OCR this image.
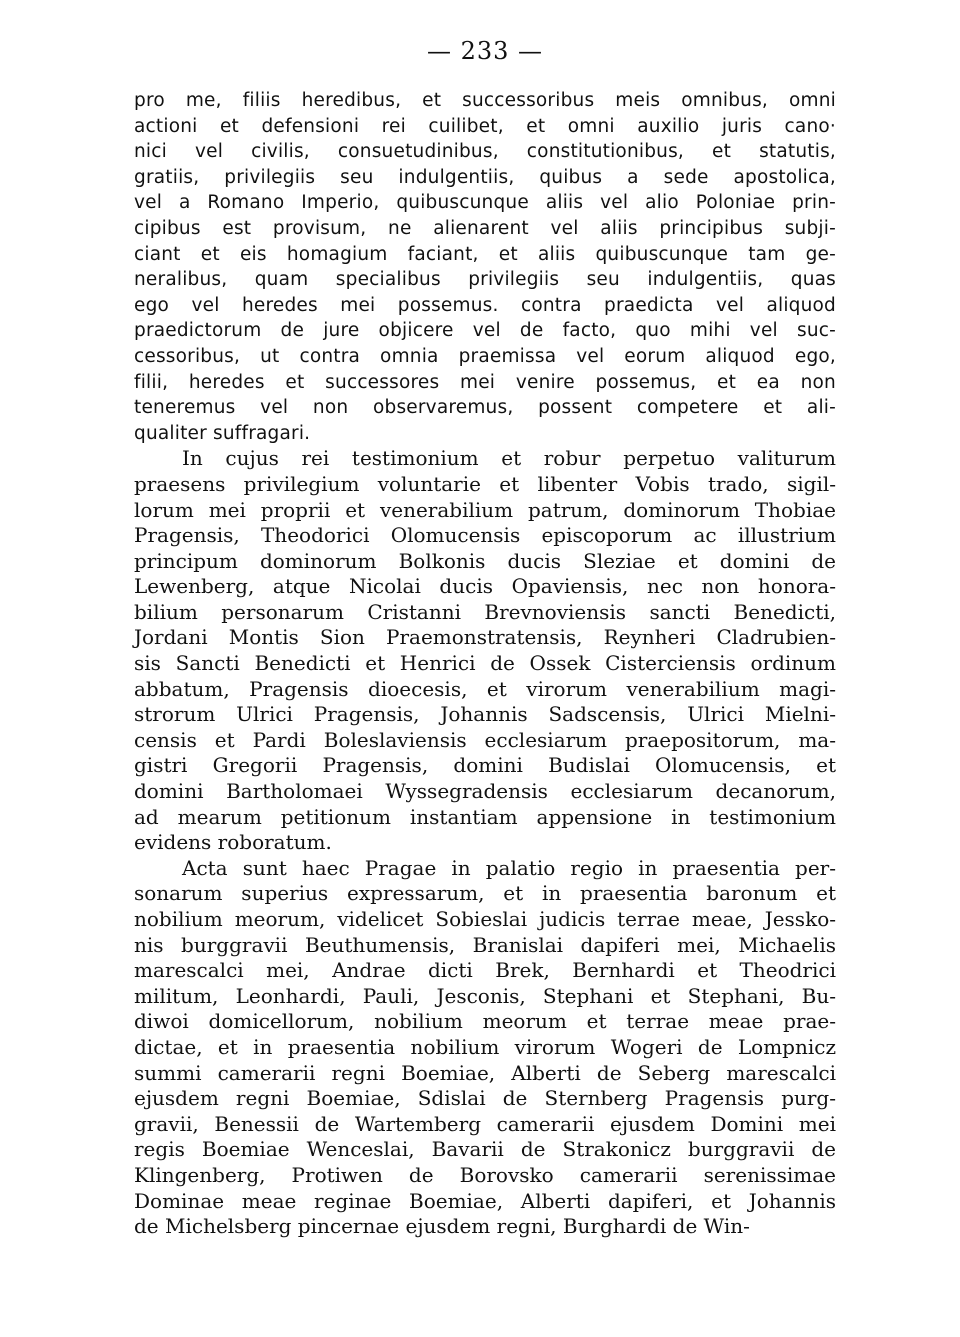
— 233 —
pro me, filiis heredibus, et successoribus meis omnibus, omni
actioni et defensioni rei cuilibet, et omni auxilio juris cano·
nici vel civilis, consuetudinibus, constitutionibus, et statutis,
gratiis, privilegiis seu indulgentiis, quibus a sede apostolica,
vel a Romano Imperio, quibuscunque aliis vel alio Poloniae prin-
cipibus est provisum, ne alienarent vel aliis principibus subji-
ciant et eis homagium faciant, et aliis quibuscunque tam ge-
neralibus, quam specialibus privilegiis seu indulgentiis, quas
ego vel heredes mei possemus. contra praedicta vel aliquod
praedictorum de jure objicere vel de facto, quo mihi vel suc-
cessoribus, ut contra omnia praemissa vel eorum aliquod ego,
filii, heredes et successores mei venire possemus, et ea non
teneremus vel non observaremus, possent competere et ali-
qualiter suffragari.
In cujus rei testimonium et robur perpetuo valiturum
praesens privilegium voluntarie et libenter Vobis trado, sigil-
lorum mei proprii et venerabilium patrum, dominorum Thobiae
Pragensis, Theodorici Olomucensis episcoporum ac illustrium
principum dominorum Bolkonis ducis Sleziae et domini de
Lewenberg, atque Nicolai ducis Opaviensis, nec non honora-
bilium personarum Cristanni Brevnoviensis sancti Benedicti,
Jordani Montis Sion Praemonstratensis, Reynheri Cladrubien-
sis Sancti Benedicti et Henrici de Ossek Cisterciensis ordinum
abbatum, Pragensis dioecesis, et virorum venerabilium magi-
strorum Ulrici Pragensis, Johannis Sadscensis, Ulrici Mielni-
censis et Pardi Boleslaviensis ecclesiarum praepositorum, ma-
gistri Gregorii Pragensis, domini Budislai Olomucensis, et
domini Bartholomaei Wyssegradensis ecclesiarum decanorum,
ad mearum petitionum instantiam appensione in testimonium
evidens roboratum.
Acta sunt haec Pragae in palatio regio in praesentia per-
sonarum superius expressarum, et in praesentia baronum et
nobilium meorum, videlicet Sobieslai judicis terrae meae, Jessko-
nis burggravii Beuthumensis, Branislai dapiferi mei, Michaelis
marescalci mei, Andrae dicti Brek, Bernhardi et Theodrici
militum, Leonhardi, Pauli, Jesconis, Stephani et Stephani, Bu-
diwoi domicellorum, nobilium meorum et terrae meae prae-
dictae, et in praesentia nobilium virorum Wogeri de Lompnicz
summi camerarii regni Boemiae, Alberti de Seberg marescalci
ejusdem regni Boemiae, Sdislai de Sternberg Pragensis purg-
gravii, Benessii de Wartemberg camerarii ejusdem Domini mei
regis Boemiae Wenceslai, Bavarii de Strakonicz burggravii de
Klingenberg, Protiwen de Borovsko camerarii serenissimae
Dominae meae reginae Boemiae, Alberti dapiferi, et Johannis
de Michelsberg pincernae ejusdem regni, Burghardi de Win-
